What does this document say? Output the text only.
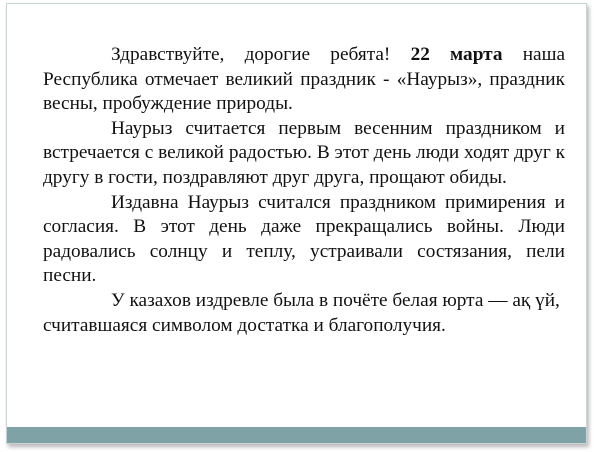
Здравствуйте, дорогие ребята! 22 марта наша Республика отмечает великий праздник - «Наурыз», праздник весны, пробуждение природы.

Наурыз считается первым весенним праздником и встречается с великой радостью. В этот день люди ходят друг к другу в гости, поздравляют друг друга, прощают обиды.

Издавна Наурыз считался праздником примирения и согласия. В этот день даже прекращались войны. Люди радовались солнцу и теплу, устраивали состязания, пели песни.

У казахов издревле была в почёте белая юрта — ақ үй, считавшаяся символом достатка и благополучия.
